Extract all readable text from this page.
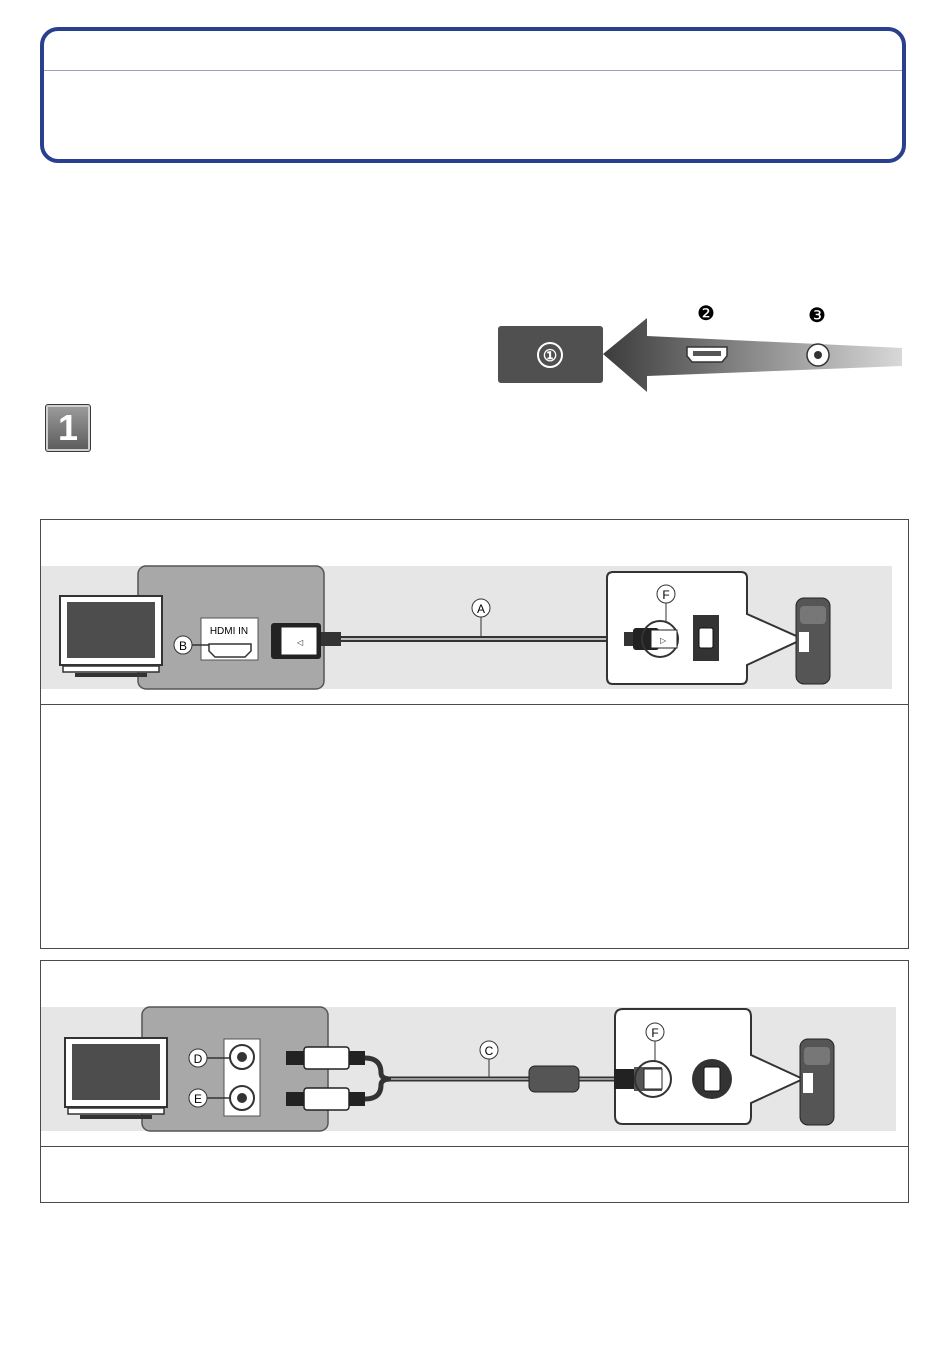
①
❷	❸
1
HDMI IN
B	◁
A
▷
F
D
E
C
F
